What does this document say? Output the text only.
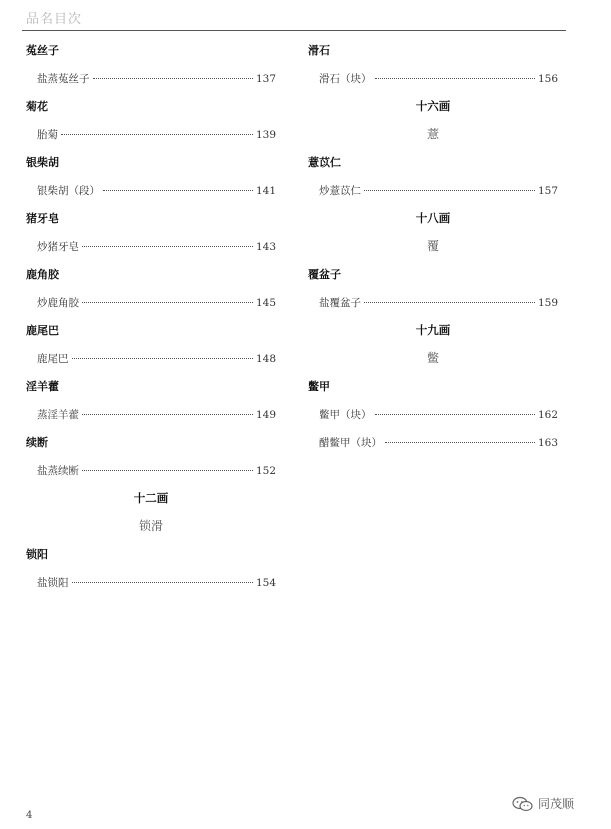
品名目次
菟丝子
盐蒸菟丝子	137
菊花
胎菊	139
银柴胡
银柴胡（段）	141
猪牙皂
炒猪牙皂	143
鹿角胶
炒鹿角胶	145
鹿尾巴
鹿尾巴	148
淫羊藿
蒸淫羊藿	149
续断
盐蒸续断	152
十二画
锁滑
锁阳
盐锁阳	154
滑石
滑石（块）	156
十六画
薏
薏苡仁
炒薏苡仁	157
十八画
覆
覆盆子
盐覆盆子	159
十九画
鳖
鳖甲
鳖甲（块）	162
醋鳖甲（块）	163
4
同茂顺
